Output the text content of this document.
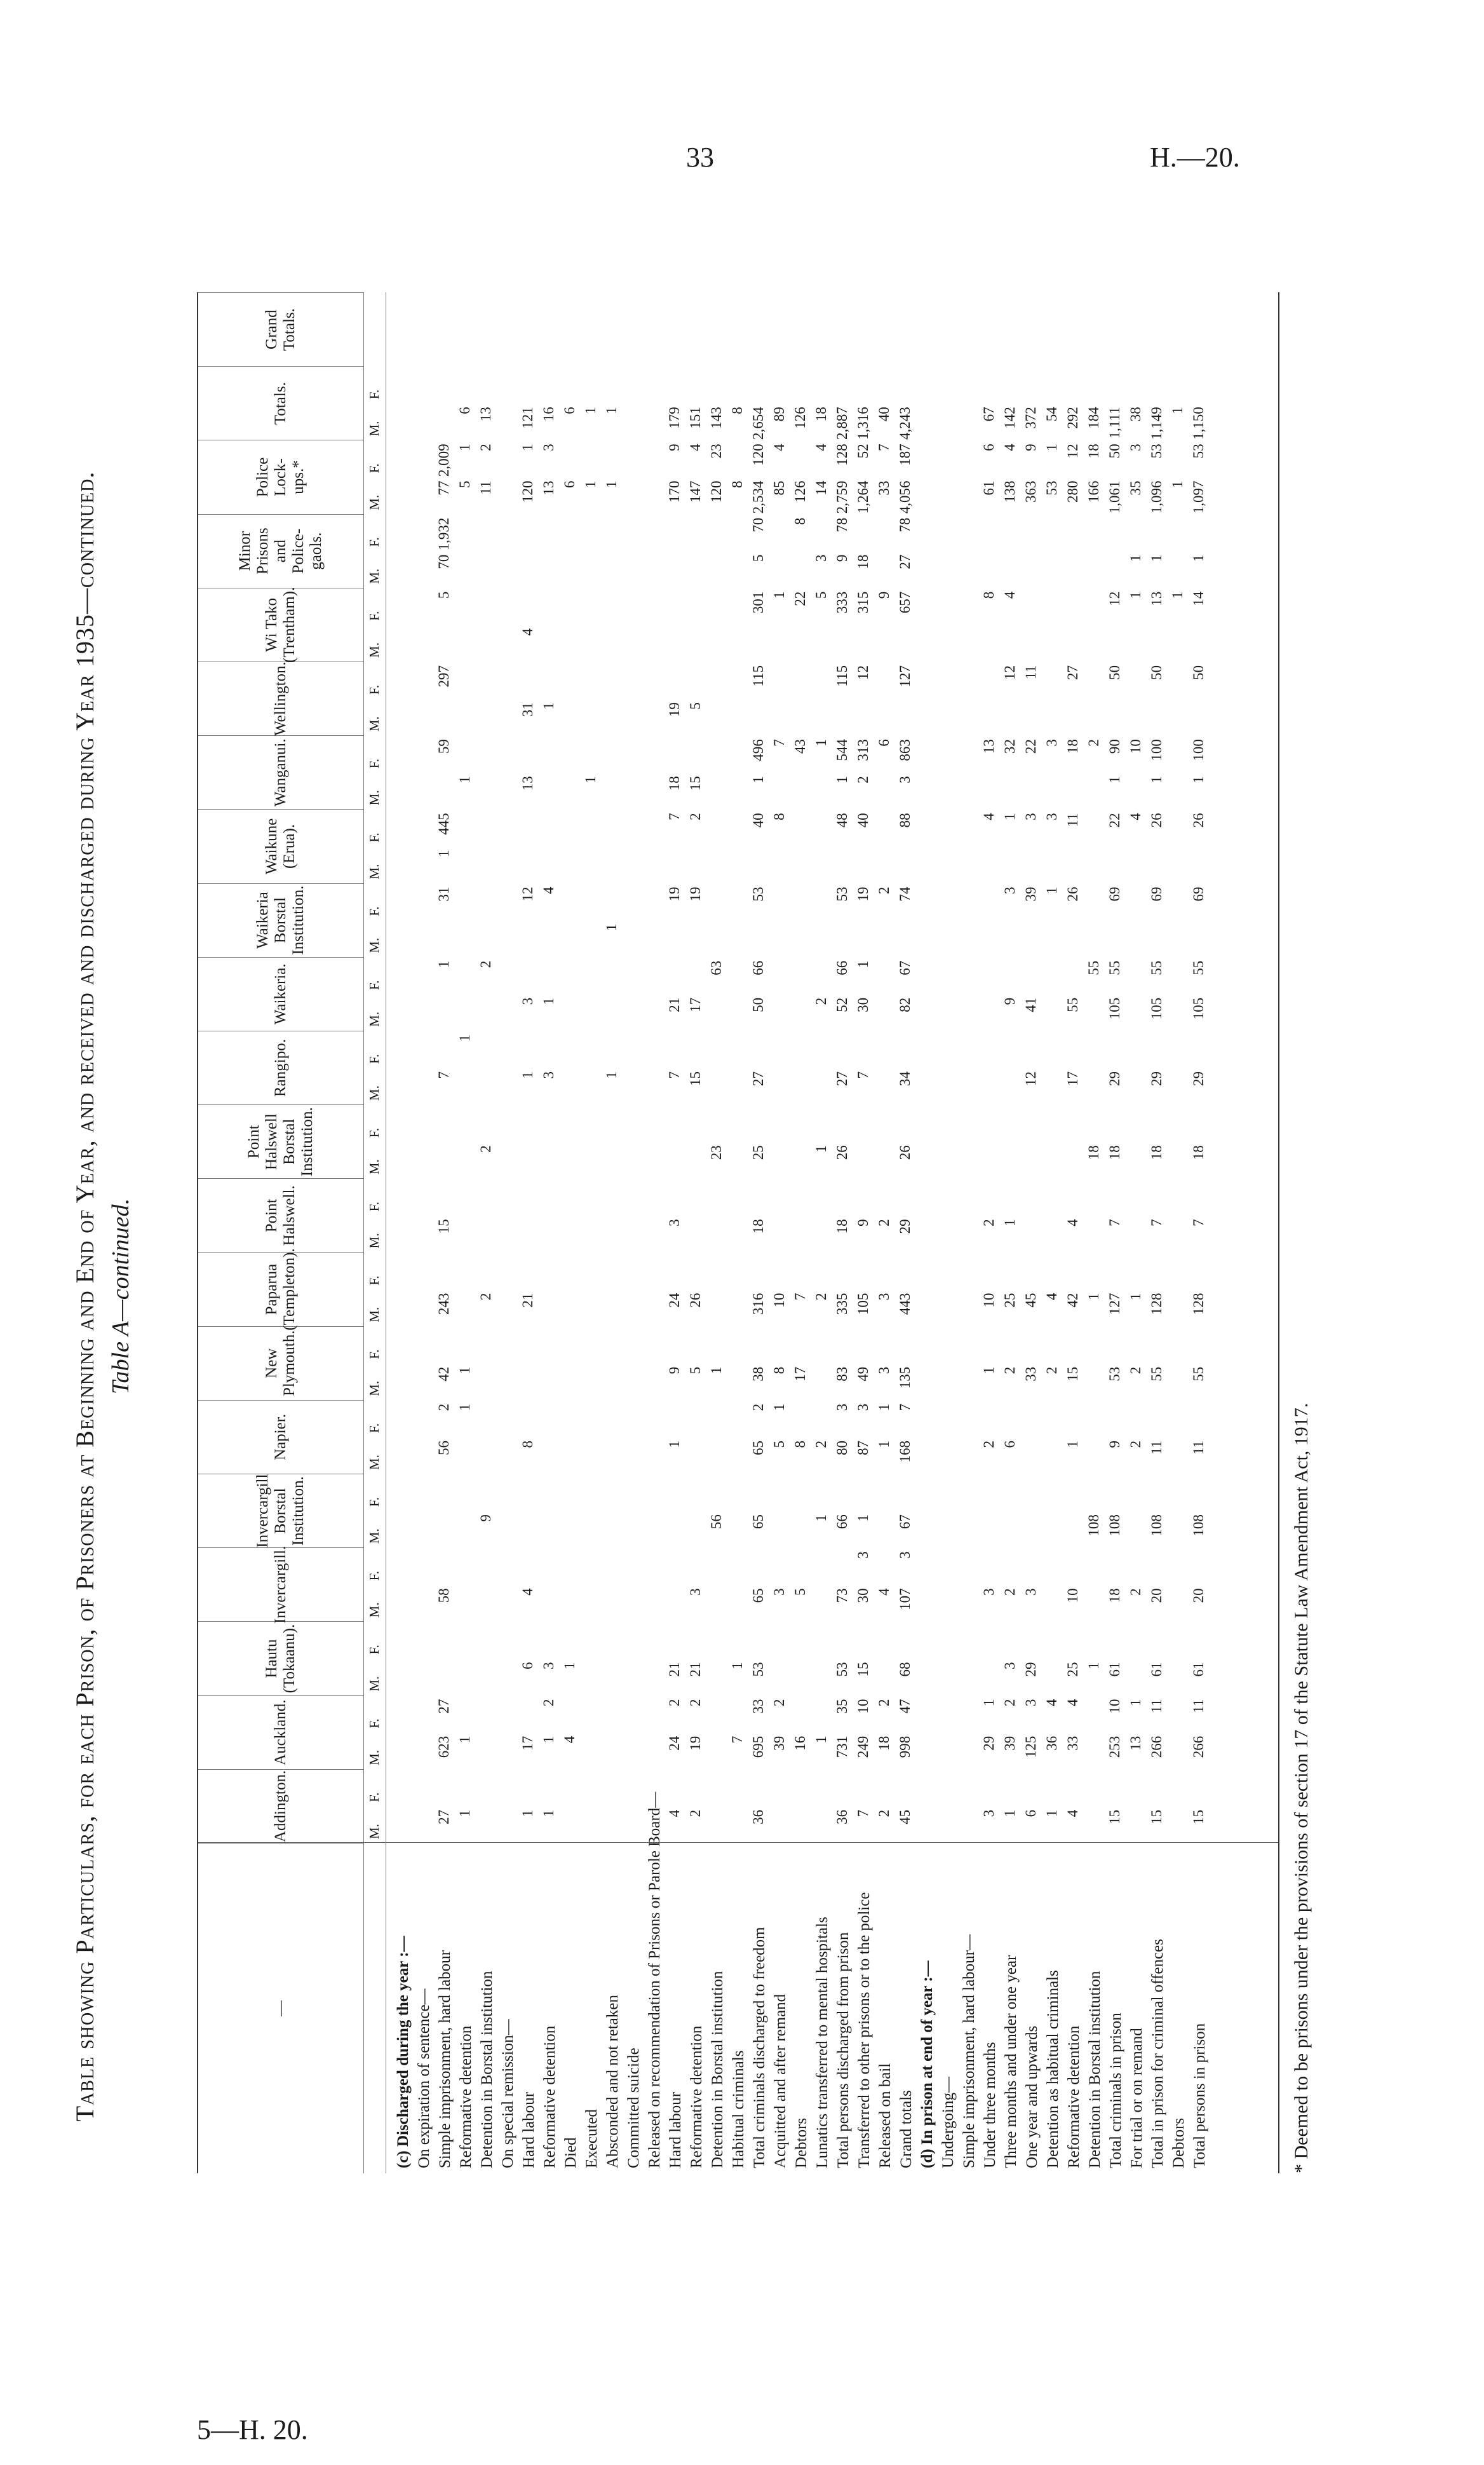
33	H.—20.
Table showing Particulars, for each Prison, of Prisoners at Beginning and End of Year, and received and discharged during Year 1935—continued. Table A—continued.
—
M.
F.
M.
F.
M.
F.
M.
F.
M.
F.
M.
F.
M.
F.
M.
F.
M.
F.
M.
F.
M.
F.
M.
F.
M.
F.
M.
F.
M.
F.
M.
F.
M.
F.
M.
F.
M.
F.
M.
F.
Addington.
Auckland.
Hautu (Tokaanu).
Invercargill.
Invercargill Borstal Institution.
Napier.
New Plymouth.
Paparua (Templeton).
Point Halswell.
Point Halswell Borstal Institution.
Rangipo.
Waikeria.
Waikeria Borstal Institution.
Waikune (Erua).
Wanganui.
Wellington.
Wi Tako (Trentham).
Minor Prisons and Police-gaols.
Police Lock-ups.*
Totals.
Grand Totals.
(c) Discharged during the year :— On expiration of sentence— Simple imprisonment, hard labour
27
623
27
58
56
2
42
243
15
7
1
31
1
445
59
297
5
70
1,932
77
2,009
Reformative detention
1
1
1
1
1
1
5
1
6
Detention in Borstal institution
9
2
2
2
11
2
13
On special remission— Hard labour
1
17
6
4
8
21
1
3
12
13
31
4
120
1
121
Reformative detention
1
1
2
3
3
1
4
1
13
3
16
Died
4
1
6
6
Executed
1
1
1
Absconded and not retaken
1
1
1
1
Committed suicide Released on recommendation of Prisons or Parole Board— Hard labour
4
24
2
21
1
9
24
3
7
21
19
7
18
19
170
9
179
Reformative detention
2
19
2
21
3
5
26
15
17
19
2
15
5
147
4
151
Detention in Borstal institution
56
1
23
63
120
23
143
Habitual criminals
7
1
8
8
Total criminals discharged to freedom
36
695
33
53
65
65
65
2
38
316
18
25
27
50
66
53
40
1
496
115
301
5
70
2,534
120
2,654
Acquitted and after remand
39
2
3
5
1
8
10
8
7
1
85
4
89
Debtors
16
5
8
17
7
43
22
8
126
126
Lunatics transferred to mental hospitals
1
1
2
2
1
2
1
5
3
14
4
18
Total persons discharged from prison
36
731
35
53
73
66
80
3
83
335
18
26
27
52
66
53
48
1
544
115
333
9
78
2,759
128
2,887
Transferred to other prisons or to the police
7
249
10
15
30
3
1
87
3
49
105
9
7
30
1
19
40
2
313
12
315
18
1,264
52
1,316
Released on bail
2
18
2
4
1
1
3
3
2
2
6
9
33
7
40
Grand totals
45
998
47
68
107
3
67
168
7
135
443
29
26
34
82
67
74
88
3
863
127
657
27
78
4,056
187
4,243
(d) In prison at end of year :— Undergoing— Simple imprisonment, hard labour— Under three months
3
29
1
3
2
1
10
2
4
13
8
61
6
67
Three months and under one year
1
39
2
3
2
6
2
25
1
9
3
1
32
12
4
138
4
142
One year and upwards
6
125
3
29
3
33
45
12
41
39
3
22
11
363
9
372
Detention as habitual criminals
1
36
4
2
4
1
3
3
53
1
54
Reformative detention
4
33
4
25
10
1
15
42
4
17
55
26
11
18
27
280
12
292
Detention in Borstal institution
1
108
1
18
55
2
166
18
184
Total criminals in prison
15
253
10
61
18
108
9
53
127
7
18
29
105
55
69
22
1
90
50
12
1,061
50
1,111
For trial or on remand
13
1
2
2
2
1
4
10
1
1
35
3
38
Total in prison for criminal offences
15
266
11
61
20
108
11
55
128
7
18
29
105
55
69
26
1
100
50
13
1
1,096
53
1,149
Debtors
1
1
1
Total persons in prison
15
266
11
61
20
108
11
55
128
7
18
29
105
55
69
26
1
100
50
14
1
1,097
53
1,150
* Deemed to be prisons under the provisions of section 17 of the Statute Law Amendment Act, 1917.
5—H. 20.
